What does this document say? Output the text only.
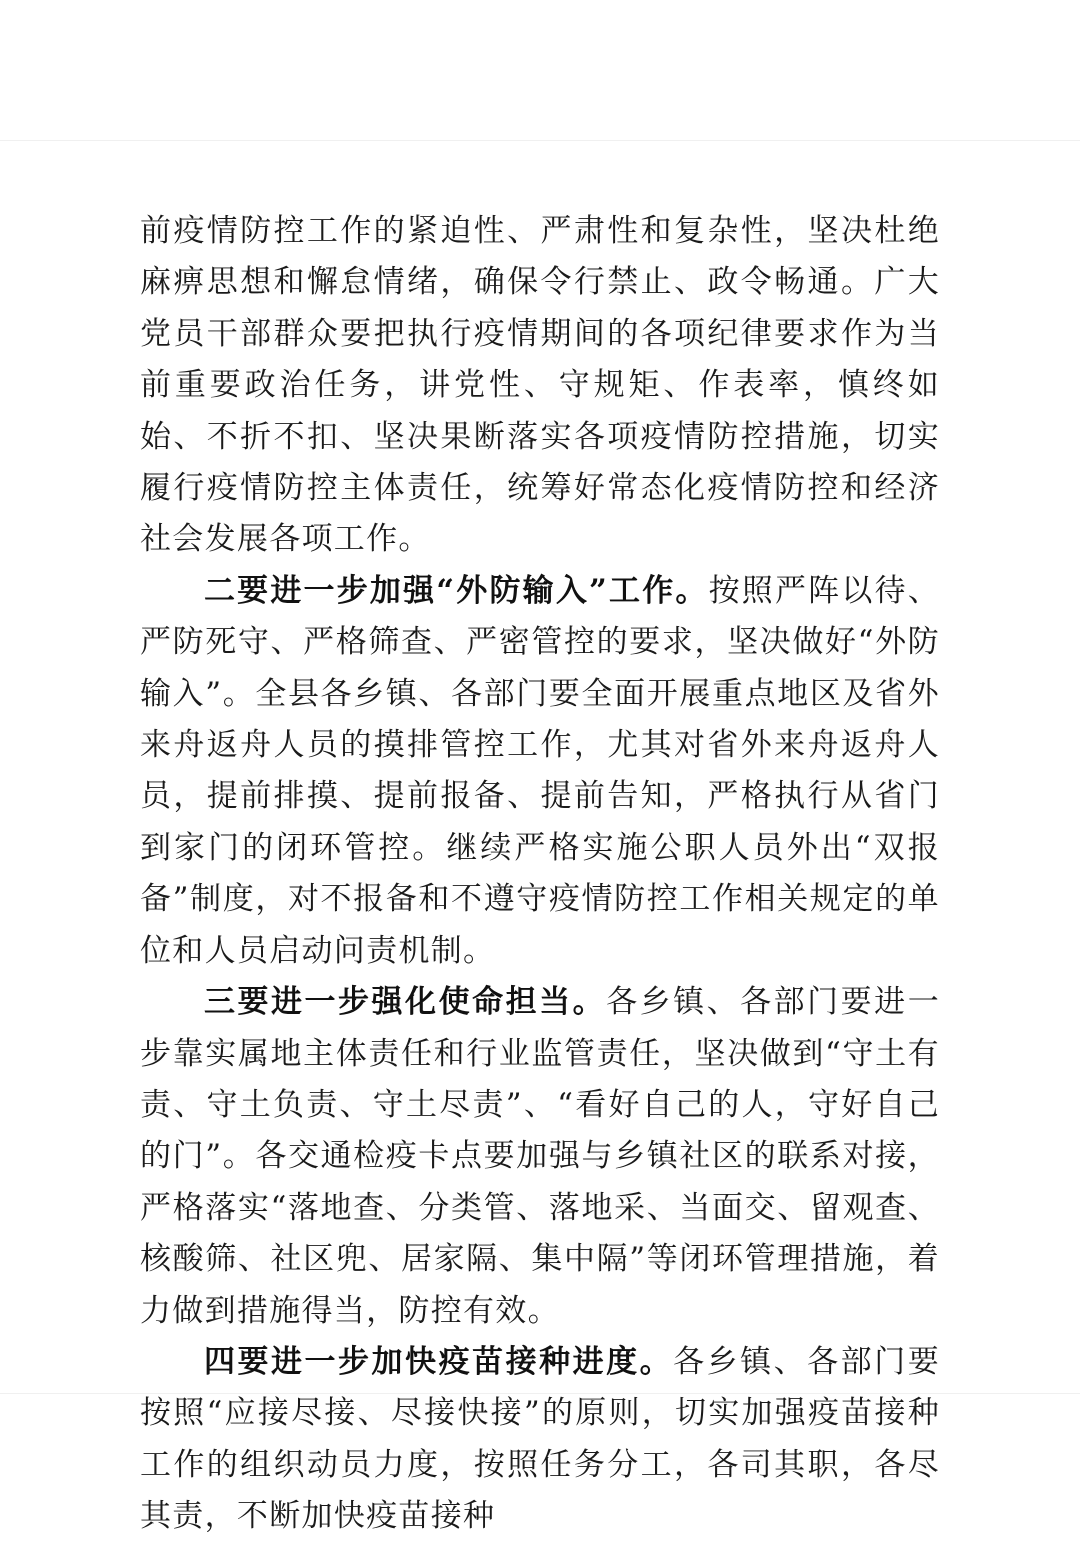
前疫情防控工作的紧迫性、严肃性和复杂性，坚决杜绝麻痹思想和懈怠情绪，确保令行禁止、政令畅通。广大党员干部群众要把执行疫情期间的各项纪律要求作为当前重要政治任务，讲党性、守规矩、作表率，慎终如始、不折不扣、坚决果断落实各项疫情防控措施，切实履行疫情防控主体责任，统筹好常态化疫情防控和经济社会发展各项工作。

二要进一步加强“外防输入”工作。按照严阵以待、严防死守、严格筛查、严密管控的要求，坚决做好“外防输入”。全县各乡镇、各部门要全面开展重点地区及省外来舟返舟人员的摸排管控工作，尤其对省外来舟返舟人员，提前排摸、提前报备、提前告知，严格执行从省门到家门的闭环管控。继续严格实施公职人员外出“双报备”制度，对不报备和不遵守疫情防控工作相关规定的单位和人员启动问责机制。

三要进一步强化使命担当。各乡镇、各部门要进一步靠实属地主体责任和行业监管责任，坚决做到“守土有责、守土负责、守土尽责”、“看好自己的人，守好自己的门”。各交通检疫卡点要加强与乡镇社区的联系对接，严格落实“落地查、分类管、落地采、当面交、留观查、核酸筛、社区兜、居家隔、集中隔”等闭环管理措施，着力做到措施得当，防控有效。

四要进一步加快疫苗接种进度。各乡镇、各部门要按照“应接尽接、尽接快接”的原则，切实加强疫苗接种工作的组织动员力度，按照任务分工，各司其职，各尽其责，不断加快疫苗接种
